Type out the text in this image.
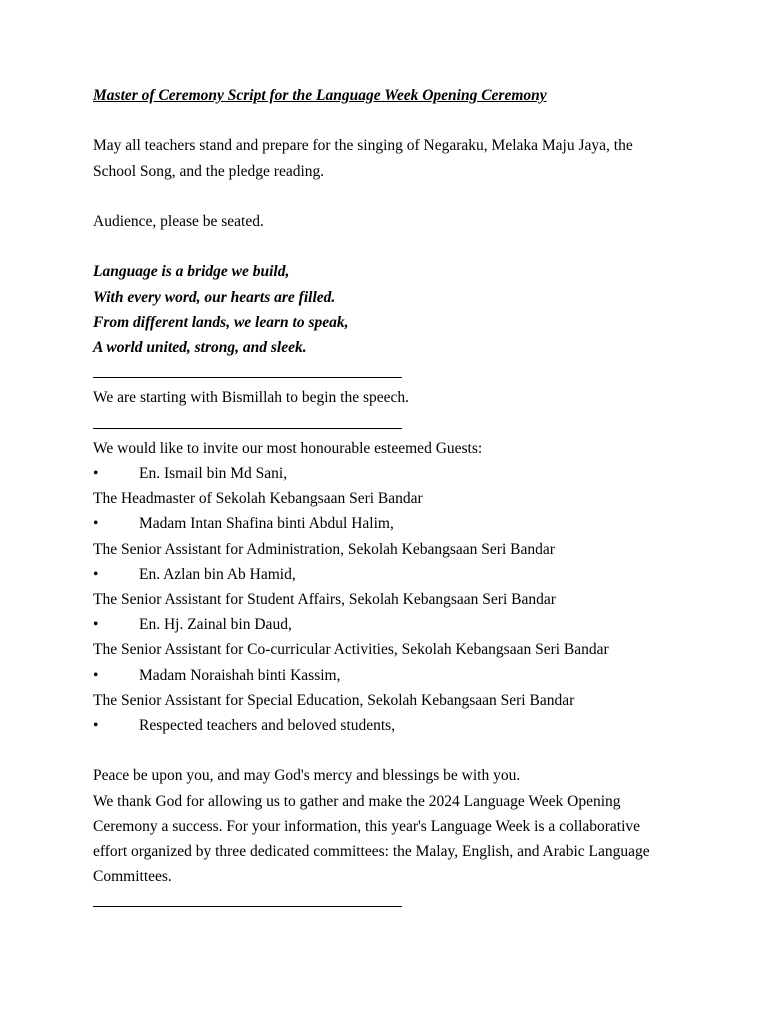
Master of Ceremony Script for the Language Week Opening Ceremony
May all teachers stand and prepare for the singing of Negaraku, Melaka Maju Jaya, the
School Song, and the pledge reading.
Audience, please be seated.
Language is a bridge we build,
With every word, our hearts are filled.
From different lands, we learn to speak,
A world united, strong, and sleek.
We are starting with Bismillah to begin the speech.
We would like to invite our most honourable esteemed Guests:
•	En. Ismail bin Md Sani,
The Headmaster of Sekolah Kebangsaan Seri Bandar
•	Madam Intan Shafina binti Abdul Halim,
The Senior Assistant for Administration, Sekolah Kebangsaan Seri Bandar
•	En. Azlan bin Ab Hamid,
The Senior Assistant for Student Affairs, Sekolah Kebangsaan Seri Bandar
•	En. Hj. Zainal bin Daud,
The Senior Assistant for Co-curricular Activities, Sekolah Kebangsaan Seri Bandar
•	Madam Noraishah binti Kassim,
The Senior Assistant for Special Education, Sekolah Kebangsaan Seri Bandar
•	Respected teachers and beloved students,
Peace be upon you, and may God's mercy and blessings be with you.
We thank God for allowing us to gather and make the 2024 Language Week Opening
Ceremony a success. For your information, this year's Language Week is a collaborative
effort organized by three dedicated committees: the Malay, English, and Arabic Language
Committees.
